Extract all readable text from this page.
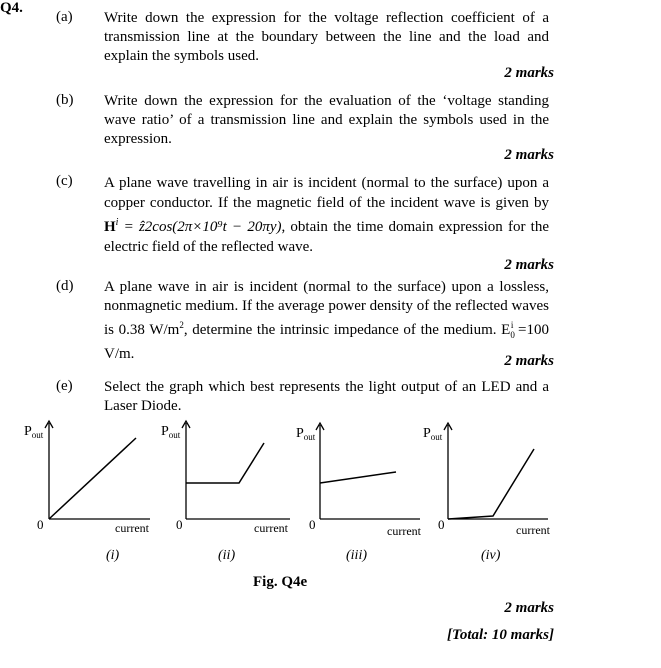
Q4.
(a) Write down the expression for the voltage reflection coefficient of a transmission line at the boundary between the line and the load and explain the symbols used.
2 marks
(b) Write down the expression for the evaluation of the ‘voltage standing wave ratio’ of a transmission line and explain the symbols used in the expression.
2 marks
(c) A plane wave travelling in air is incident (normal to the surface) upon a copper conductor. If the magnetic field of the incident wave is given by $H^i$ = ẑ2cos(2π×10⁹t − 20πy), obtain the time domain expression for the electric field of the reflected wave.
2 marks
(d) A plane wave in air is incident (normal to the surface) upon a lossless, nonmagnetic medium. If the average power density of the reflected waves is 0.38 $W/m^2$, determine the intrinsic impedance of the medium. $E_0^i =100$ V/m.	2 marks
(e) Select the graph which best represents the light output of an LED and a Laser Diode.
$P_{out}$
0	current
$P_{out}$
0	current
$P_{out}$
0	current
$P_{out}$
0	current
(i)	(ii)	(iii)	(iv)
Fig. Q4e
2 marks
[Total: 10 marks]
